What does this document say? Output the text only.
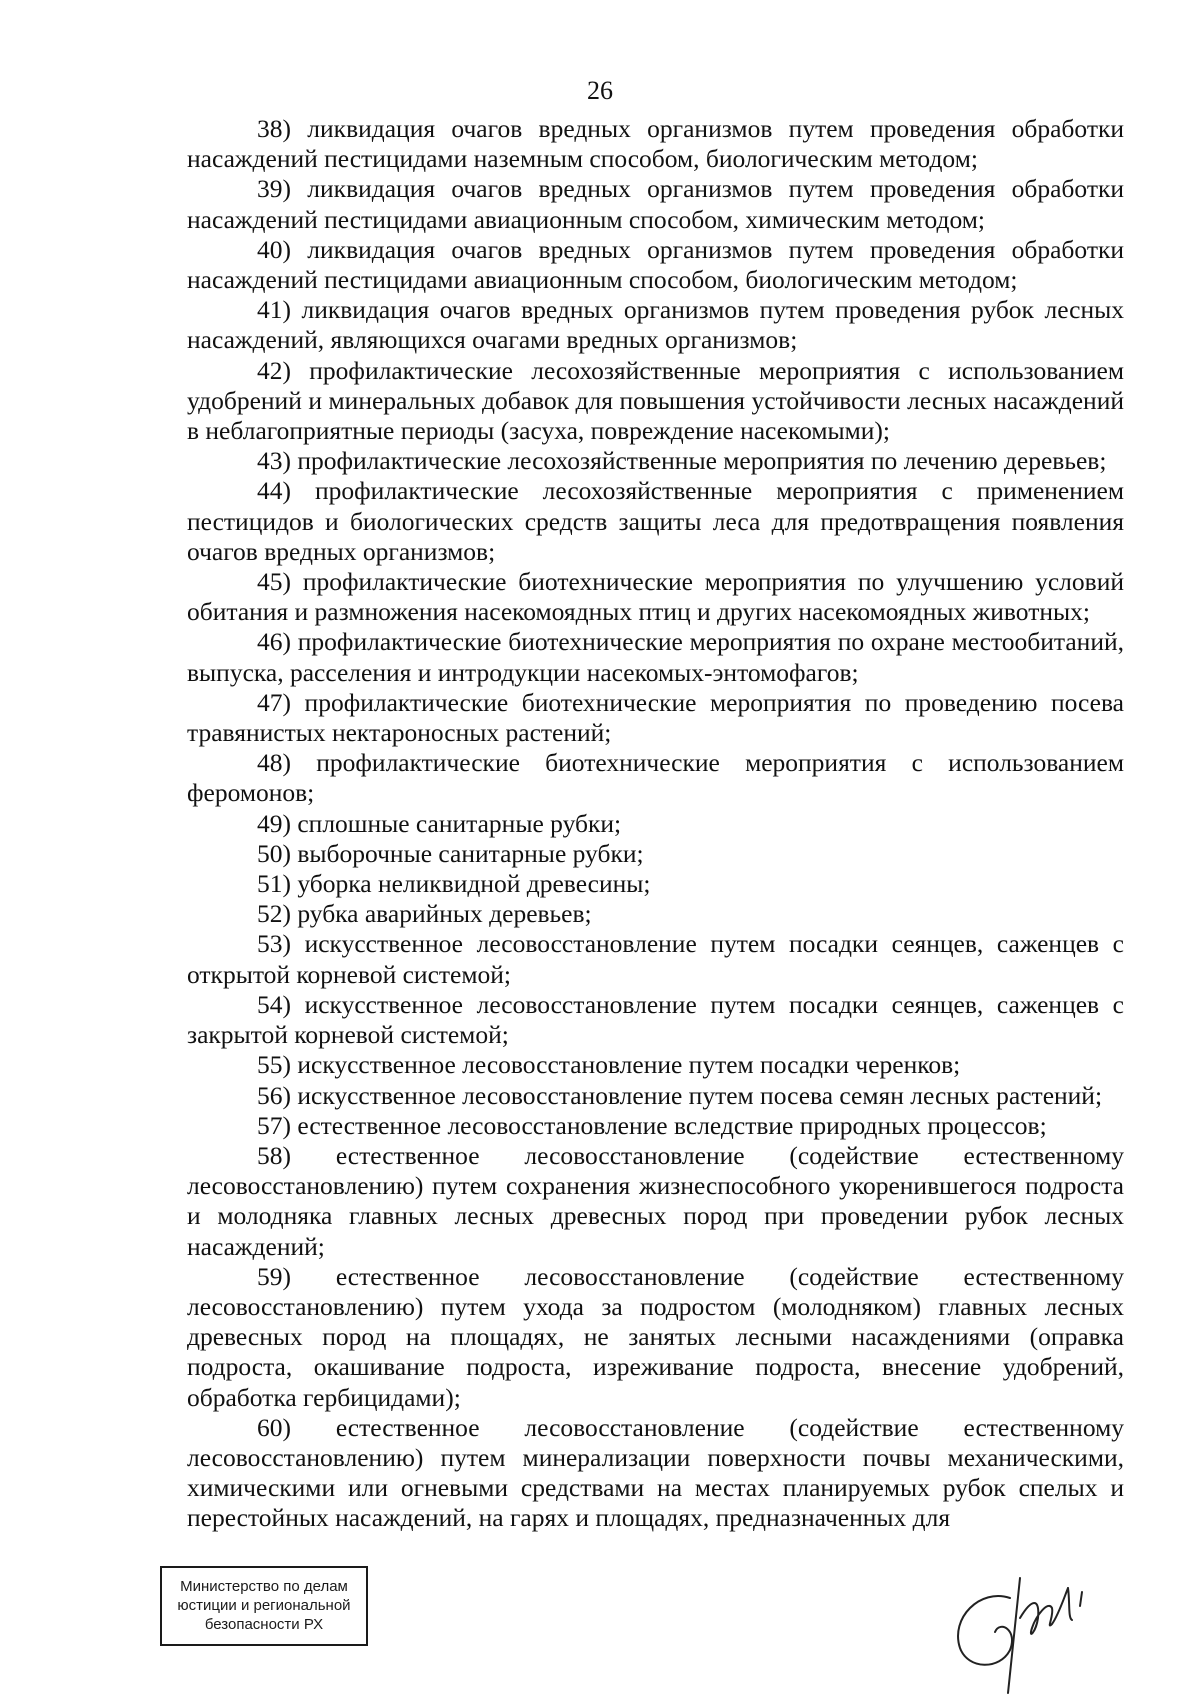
26

38) ликвидация очагов вредных организмов путем проведения обработки насаждений пестицидами наземным способом, биологическим методом;

39) ликвидация очагов вредных организмов путем проведения обработки насаждений пестицидами авиационным способом, химическим методом;

40) ликвидация очагов вредных организмов путем проведения обработки насаждений пестицидами авиационным способом, биологическим методом;

41) ликвидация очагов вредных организмов путем проведения рубок лесных насаждений, являющихся очагами вредных организмов;

42) профилактические лесохозяйственные мероприятия с использованием удобрений и минеральных добавок для повышения устойчивости лесных насаждений в неблагоприятные периоды (засуха, повреждение насекомыми);

43) профилактические лесохозяйственные мероприятия по лечению деревьев;

44) профилактические лесохозяйственные мероприятия с применением пестицидов и биологических средств защиты леса для предотвращения появления очагов вредных организмов;

45) профилактические биотехнические мероприятия по улучшению условий обитания и размножения насекомоядных птиц и других насекомоядных животных;

46) профилактические биотехнические мероприятия по охране местообитаний, выпуска, расселения и интродукции насекомых-энтомофагов;

47) профилактические биотехнические мероприятия по проведению посева травянистых нектароносных растений;

48) профилактические биотехнические мероприятия с использованием феромонов;

49) сплошные санитарные рубки;

50) выборочные санитарные рубки;

51) уборка неликвидной древесины;

52) рубка аварийных деревьев;

53) искусственное лесовосстановление путем посадки сеянцев, саженцев с открытой корневой системой;

54) искусственное лесовосстановление путем посадки сеянцев, саженцев с закрытой корневой системой;

55) искусственное лесовосстановление путем посадки черенков;

56) искусственное лесовосстановление путем посева семян лесных растений;

57) естественное лесовосстановление вследствие природных процессов;

58) естественное лесовосстановление (содействие естественному лесовосстановлению) путем сохранения жизнеспособного укоренившегося подроста и молодняка главных лесных древесных пород при проведении рубок лесных насаждений;

59) естественное лесовосстановление (содействие естественному лесовосстановлению) путем ухода за подростом (молодняком) главных лесных древесных пород на площадях, не занятых лесными насаждениями (оправка подроста, окашивание подроста, изреживание подроста, внесение удобрений, обработка гербицидами);

60) естественное лесовосстановление (содействие естественному лесовосстановлению) путем минерализации поверхности почвы механическими, химическими или огневыми средствами на местах планируемых рубок спелых и перестойных насаждений, на гарях и площадях, предназначенных для

Министерство по делам
юстиции и региональной
безопасности РХ
